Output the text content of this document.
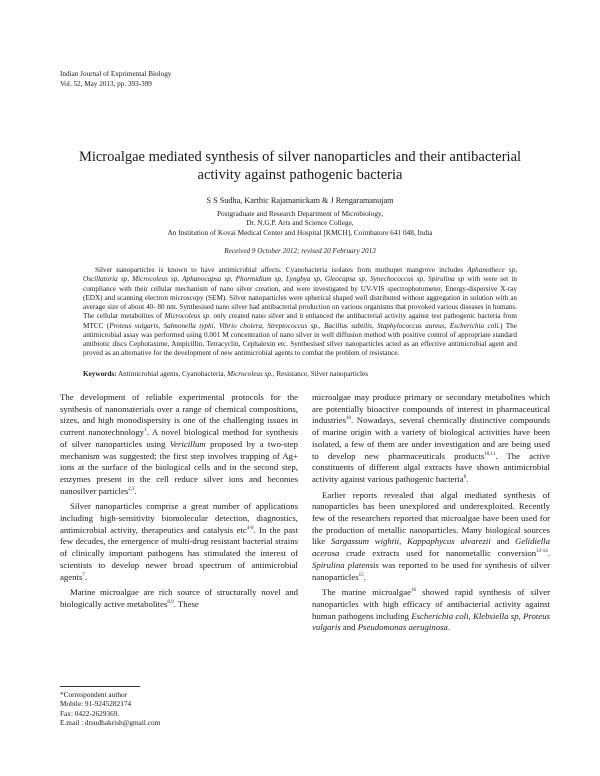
Indian Journal of Exprimental Biology
Vol. 52, May 2013, pp. 393-399
Microalgae mediated synthesis of silver nanoparticles and their antibacterial
activity against pathogenic bacteria
S S Sudha, Karthic Rajamanickam & J Rengaramanujam
Postgraduate and Research Department of Microbiology,
Dr. N.G.P. Arts and Science College,
An Institution of Kovai Medical Center and Hospital [KMCH], Coimbatore 641 048, India
Received 9 October 2012; revised 20 February 2013

Silver nanoparticles is known to have antimicrobial affects. Cyanobacteria isolates from muthupet mangrove includes Aphanothece sp, Oscillatoria sp, Microcoleus sp, Aphanocapsa sp, Phormidium sp, Lyngbya sp, Gleocapsa sp, Synechococcus sp, Spirulina sp with were set in compliance with their cellular mechanism of nano silver creation, and were investigated by UV-VIS spectrophotometer, Energy-dispersive X-ray (EDX) and scanning electron microscopy (SEM). Silver nanoparticles were spherical shaped well distributed without aggregation in solution with an average size of about 40- 80 nm. Synthesised nano silver had antibacterial production on various organisms that provoked various diseases in humans. The cellular metabolites of Microcoleus sp. only created nano silver and it enhanced the antibacterial activity against test pathogenic bacteria from MTCC (Proteus vulgaris, Salmonella typhi, Vibrio cholera, Streptococcus sp., Bacillus subtilis, Staphylococcus aureus, Escherichia coli.) The antimicrobial assay was performed using 0.001 M concentration of nano silver in well diffusion method with positive control of appropriate standard antibiotic discs Cephotaxime, Ampicillin, Tetracyclin, Cephalexin etc. Synthesised silver nanoparticles acted as an effective antimicrobial agent and proved as an alternative for the development of new antimicrobial agents to combat the problem of resistance.

Keywords: Antimicrobial agents, Cyanobacteria, Microcoleus sp., Resistance, Silver nanoparticles

The development of reliable experimental protocols for the synthesis of nanomaterials over a range of chemical compositions, sizes, and high monodispersity is one of the challenging issues in current nanotechnology$^1$. A novel biological method for synthesis of silver nanoparticles using Vericillum proposed by a two-step mechanism was suggested; the first step involves trapping of Ag+ ions at the surface of the biological cells and in the second step, enzymes present in the cell reduce silver ions and becomes nanosilver particles$^{2,3}$.

Silver nanoparticles comprise a great number of applications including high-sensitivity biomolecular detection, diagnostics, antimicrobial activity, therapeutics and catalysis etc$^{4-6}$. In the past few decades, the emergence of multi-drug resistant bacterial strains of clinically important pathogens has stimulated the interest of scientists to develop newer broad spectrum of antimicrobial agents$^7$.

Marine microalgae are rich source of structurally novel and biologically active metabolites$^{8,9}$. These

*Correspondent author
Mobile: 91-9245282174
Fax: 0422-2629369.
E.mail : drsudhakrish@gmail.com

microalgae may produce primary or secondary metabolites which are potentially bioactive compounds of interest in pharmaceutical industries$^{10}$. Nowadays, several chemically distinctive compounds of marine origin with a variety of biological activities have been isolated, a few of them are under investigation and are being used to develop new pharmaceuticals products$^{10,11}$. The active constituents of different algal extracts have shown antimicrobial activity against various pathogenic bacteria$^8$.

Earlier reports revealed that algal mediated synthesis of nanoparticles has been unexplored and underexploited. Recently few of the researchers reported that microalgae have been used for the production of metallic nanoparticles. Many biological sources like Sargassum wightii, Kappaphycus alvarezii and Gelidiella acerosa crude extracts used for nanometallic conversion$^{12-14}$. Spirulina platensis was reported to be used for synthesis of silver nanoparticles$^{15}$.

The marine microalgae$^{16}$ showed rapid synthesis of silver nanoparticles with high efficacy of antibacterial activity against human pathogens including Escherichia coli, Klebsiella sp, Proteus vulgaris and Pseudomonas aeruginosa.
